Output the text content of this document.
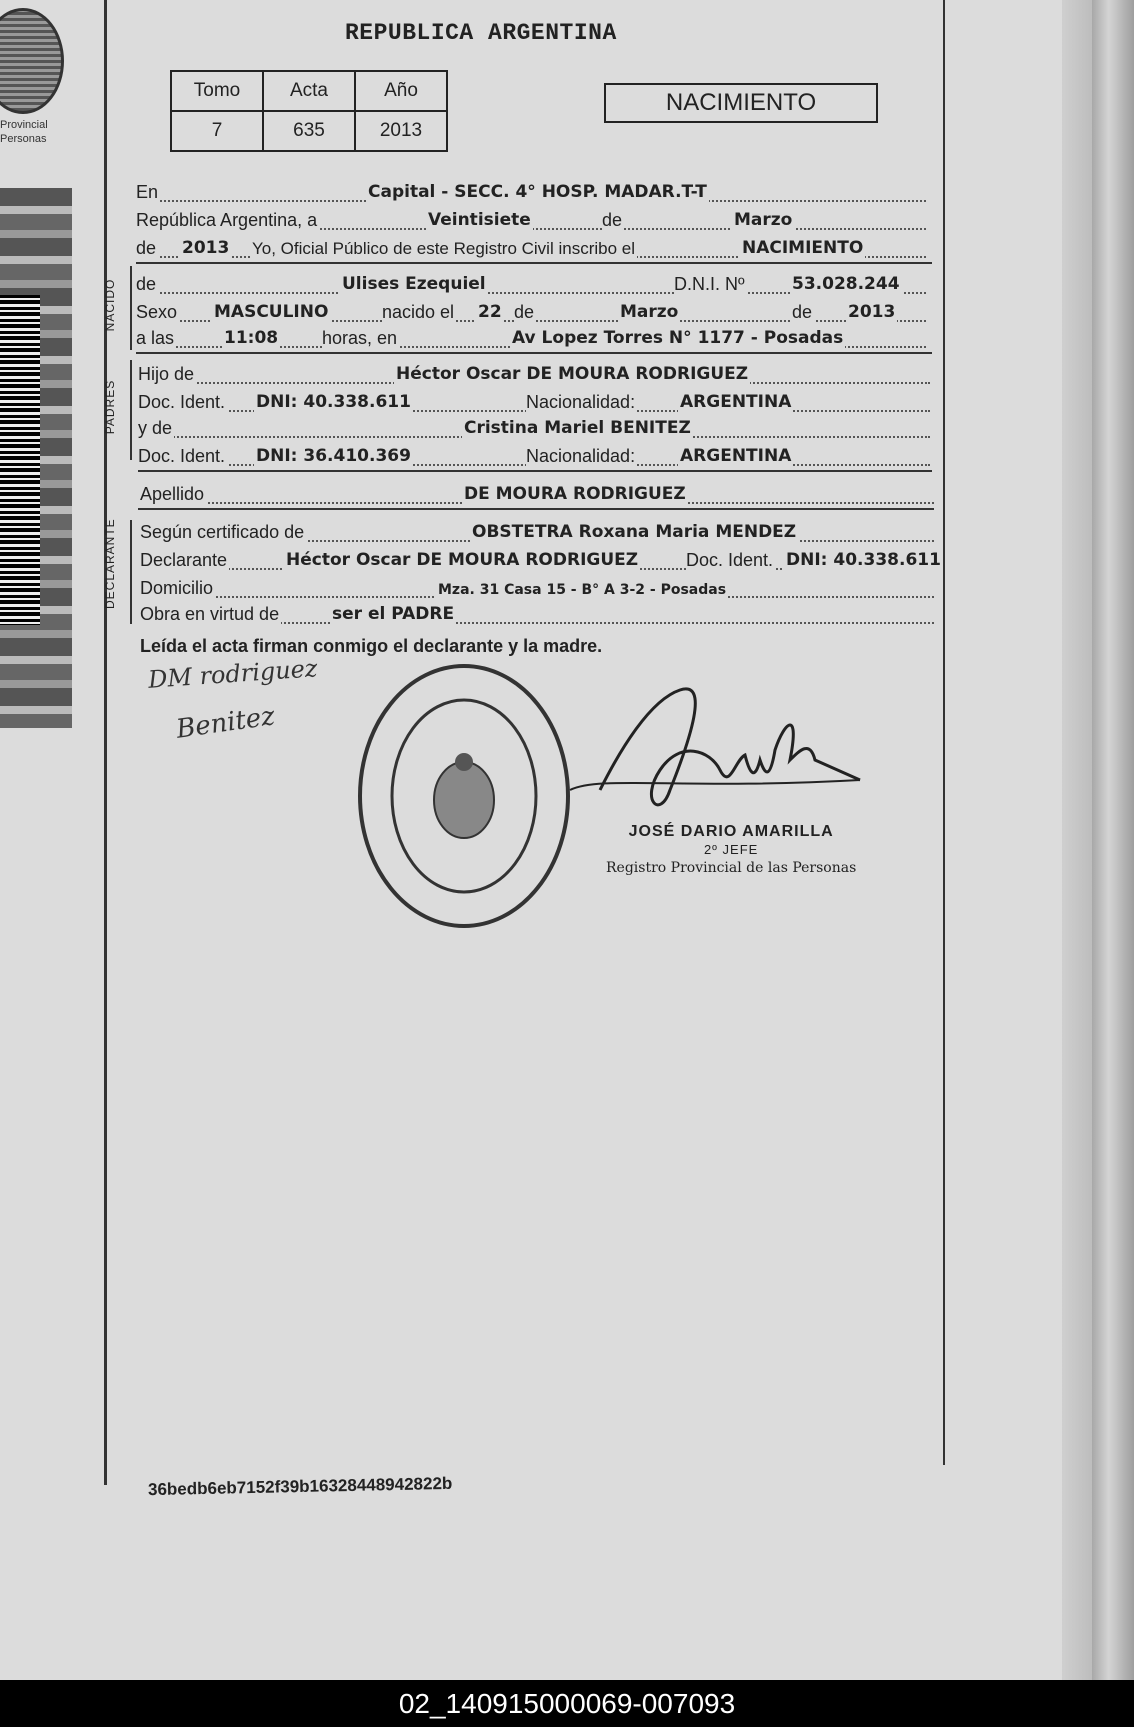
Provincial
Personas
REPUBLICA ARGENTINA
Tomo	Acta	Año
7	635	2013
NACIMIENTO
En	Capital - SECC. 4° HOSP. MADAR.T-T
República Argentina, a	Veintisiete	de	Marzo
de 2013 Yo, Oficial Público de este Registro Civil inscribo el	NACIMIENTO
NACIDO de	Ulises Ezequiel	D.N.I. Nº	53.028.244
Sexo MASCULINO	nacido el 22 de	Marzo	de 2013
a las	11:08 horas, en	Av Lopez Torres N° 1177 - Posadas
PADRES
Hijo de	Héctor Oscar DE MOURA RODRIGUEZ
Doc. Ident. DNI: 40.338.611	Nacionalidad:	ARGENTINA
y de	Cristina Mariel BENITEZ
Doc. Ident. DNI: 36.410.369	Nacionalidad:	ARGENTINA
Apellido	DE MOURA RODRIGUEZ
DECLARANTE Según certificado de	OBSTETRA Roxana Maria MENDEZ
Declarante	Héctor Oscar DE MOURA RODRIGUEZ	Doc. Ident. DNI: 40.338.611
Domicilio	Mza. 31 Casa 15 - B° A 3-2 - Posadas
Obra en virtud de	ser el PADRE
Leída el acta firman conmigo el declarante y la madre.
DM rodriguez
Benitez
JOSÉ DARIO AMARILLA
2º JEFE
Registro Provincial de las Personas
36bedb6eb7152f39b16328448942822b
02_140915000069-007093
